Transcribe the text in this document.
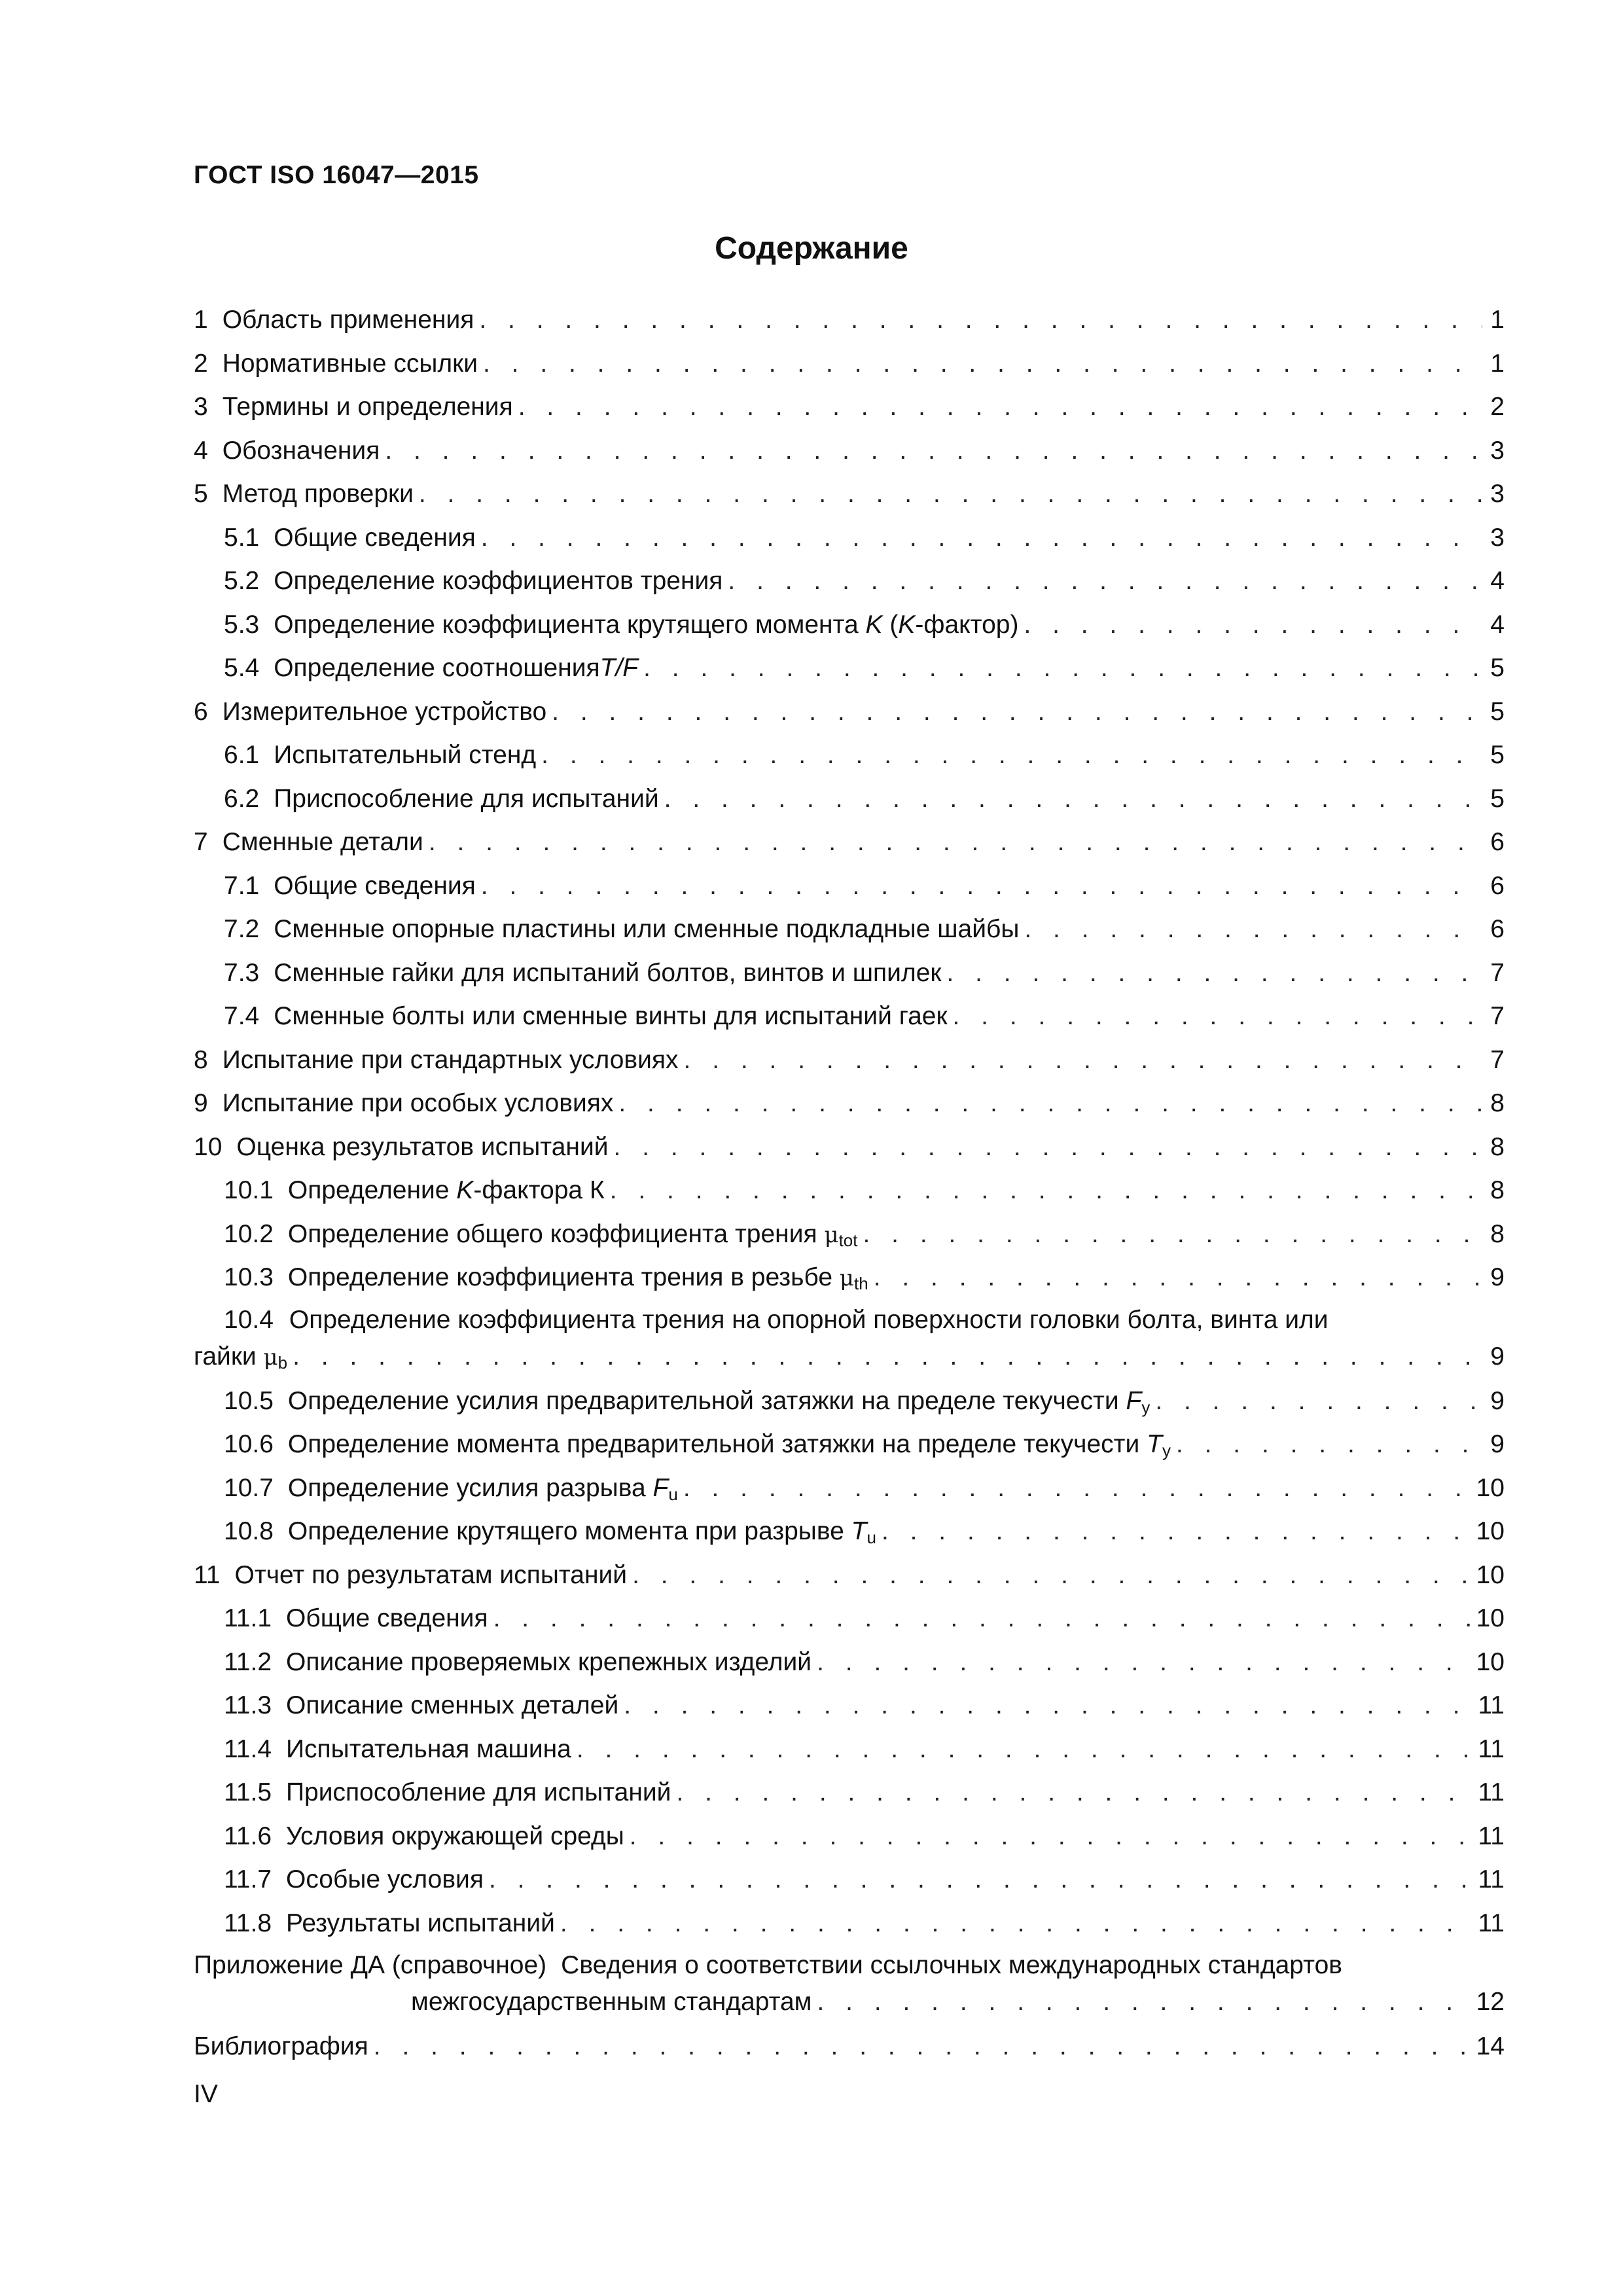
ГОСТ ISO 16047—2015
Содержание
1 Область применения . . .	1
2 Нормативные ссылки . . .	1
3 Термины и определения . . .	2
4 Обозначения . . .	3
5 Метод проверки . . .	3
5.1 Общие сведения . . .	3
5.2 Определение коэффициентов трения . . .	4
5.3 Определение коэффициента крутящего момента K (K-фактор) . . .	4
5.4 Определение соотношенияT/F . . .	5
6 Измерительное устройство . . .	5
6.1 Испытательный стенд . . .	5
6.2 Приспособление для испытаний . . .	5
7 Сменные детали . . .	6
7.1 Общие сведения . . .	6
7.2 Сменные опорные пластины или сменные подкладные шайбы . . .	6
7.3 Сменные гайки для испытаний болтов, винтов и шпилек . . .	7
7.4 Сменные болты или сменные винты для испытаний гаек . . .	7
8 Испытание при стандартных условиях . . .	7
9 Испытание при особых условиях . . .	8
10 Оценка результатов испытаний . . .	8
10.1 Определение K-фактора К . . .	8
10.2 Определение общего коэффициента трения $\mu_{tot}$ . . .	8
10.3 Определение коэффициента трения в резьбе $\mu_{th}$ . . .	9
10.4 Определение коэффициента трения на опорной поверхности головки болта, винта или
гайки $\mu_b$ . . .	9
10.5 Определение усилия предварительной затяжки на пределе текучести $F_y$ . . .	9
10.6 Определение момента предварительной затяжки на пределе текучести $T_y$ . . .	9
10.7 Определение усилия разрыва $F_u$ . . .	10
10.8 Определение крутящего момента при разрыве $T_u$ . . .	10
11 Отчет по результатам испытаний . . .	10
11.1 Общие сведения . . .	10
11.2 Описание проверяемых крепежных изделий . . .	10
11.3 Описание сменных деталей . . .	11
11.4 Испытательная машина . . .	11
11.5 Приспособление для испытаний . . .	11
11.6 Условия окружающей среды . . .	11
11.7 Особые условия . . .	11
11.8 Результаты испытаний . . .	11
Приложение ДА (справочное) Сведения о соответствии ссылочных международных стандартов
межгосударственным стандартам . . .	12
Библиография . . .	14
IV
